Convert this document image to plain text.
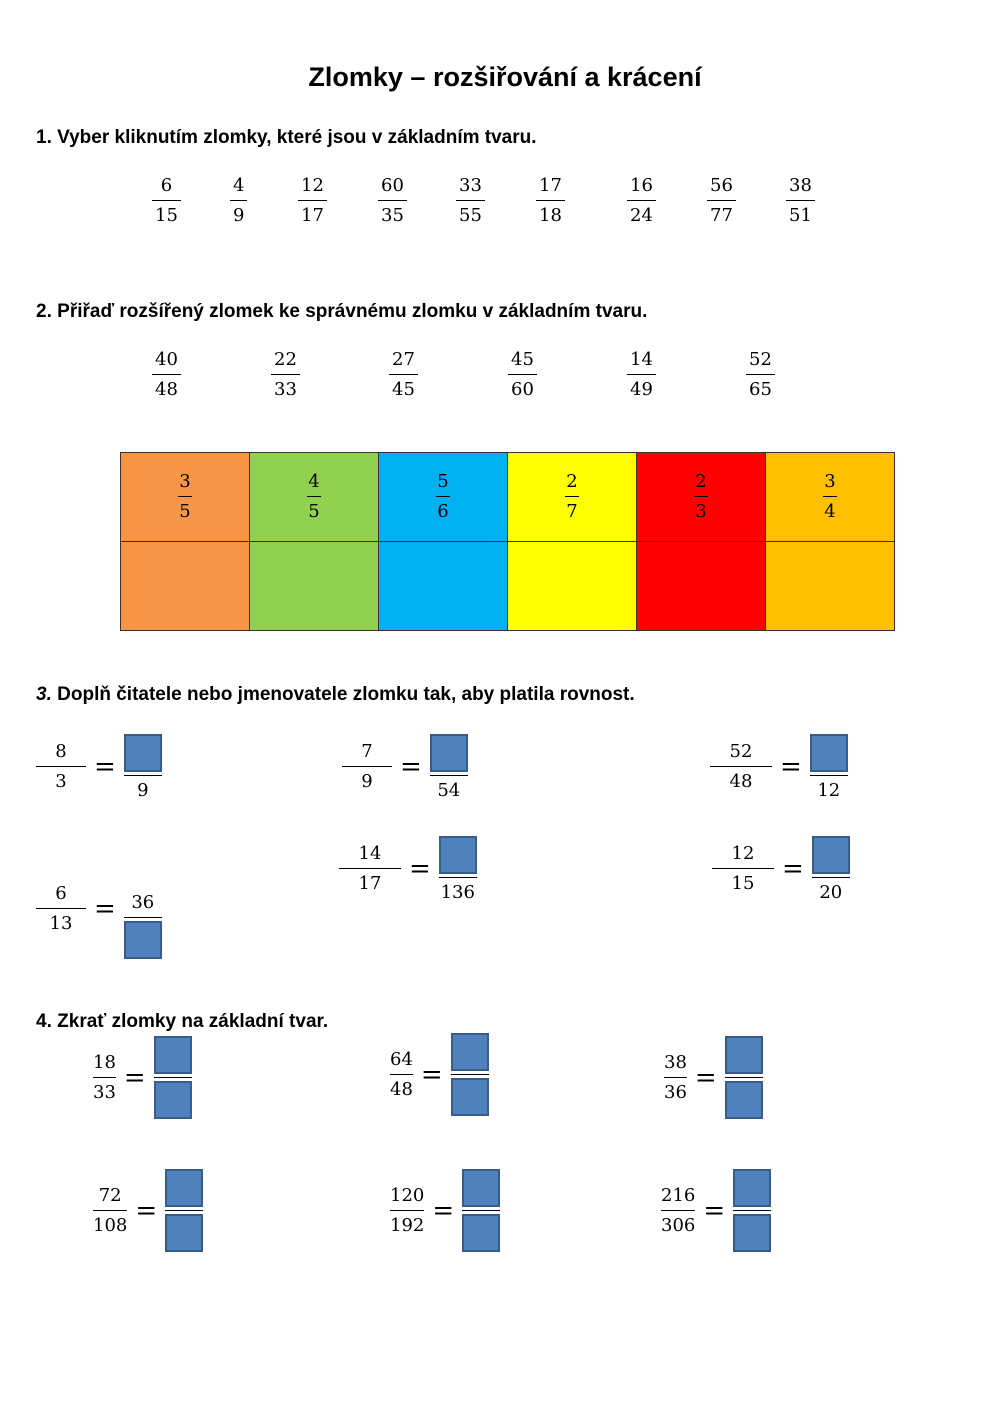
Zlomky – rozšiřování a krácení

1. Vyber kliknutím zlomky, které jsou v základním tvaru.

6
15
4
9
12
17
60
35
33
55
17
18
16
24
56
77
38
51

2. Přiřaď rozšířený zlomek ke správnému zlomku v základním tvaru.

40
48
22
33
27
45
45
60
14
49
52
65
$\frac{3}{5}$	$\frac{4}{5}$	$\frac{5}{6}$	$\frac{2}{7}$	$\frac{2}{3}$	$\frac{3}{4}$

3. Doplň čitatele nebo jmenovatele zlomku tak, aby platila rovnost.

8
3 =
9
7
9 =
54
52
48 =
12
6
13 = 36
14
17 =
136
12
15 =
20

4. Zkrať zlomky na základní tvar.

18
33 =
64
48 =	38
36 =
72
108 =
120
192 =
216
306 =
